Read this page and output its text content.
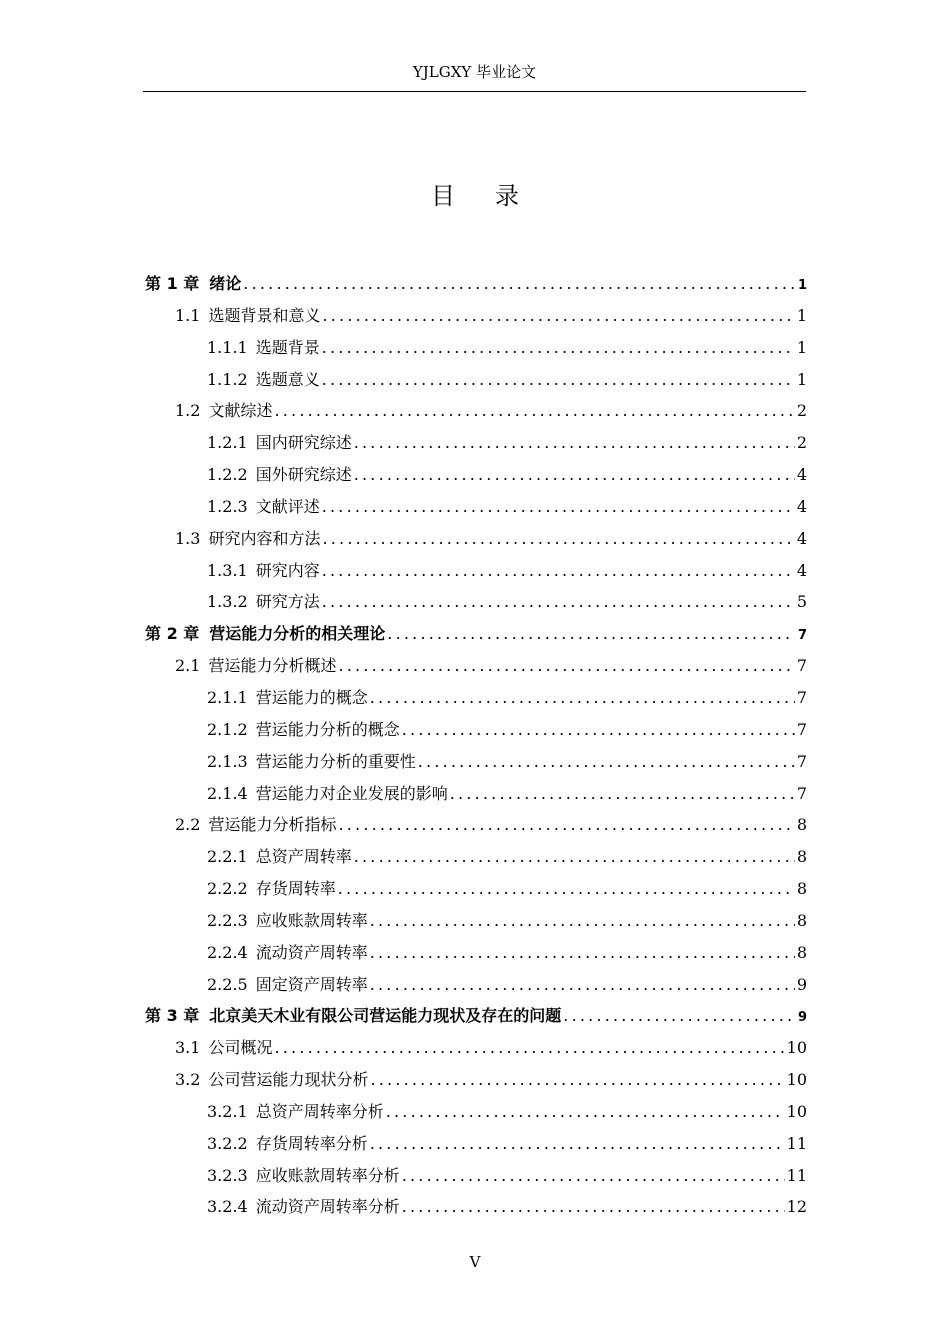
YJLGXY 毕业论文
目录
第 1 章 绪论 .....	1
1.1 选题背景和意义 .....	1
1.1.1 选题背景 .....	1
1.1.2 选题意义 .....	1
1.2 文献综述 .....	2
1.2.1 国内研究综述 .....	2
1.2.2 国外研究综述 .....	4
1.2.3 文献评述 .....	4
1.3 研究内容和方法 .....	4
1.3.1 研究内容 .....	4
1.3.2 研究方法 .....	5
第 2 章 营运能力分析的相关理论 .....	7
2.1 营运能力分析概述 .....	7
2.1.1 营运能力的概念 .....	7
2.1.2 营运能力分析的概念 .....	7
2.1.3 营运能力分析的重要性 .....	7
2.1.4 营运能力对企业发展的影响 .....	7
2.2 营运能力分析指标 .....	8
2.2.1 总资产周转率 .....	8
2.2.2 存货周转率 .....	8
2.2.3 应收账款周转率 .....	8
2.2.4 流动资产周转率 .....	8
2.2.5 固定资产周转率 .....	9
第 3 章 北京美天木业有限公司营运能力现状及存在的问题 .....	9
3.1 公司概况 .....	10
3.2 公司营运能力现状分析 .....	10
3.2.1 总资产周转率分析 .....	10
3.2.2 存货周转率分析 .....	11
3.2.3 应收账款周转率分析 .....	11
3.2.4 流动资产周转率分析 .....	12
V
